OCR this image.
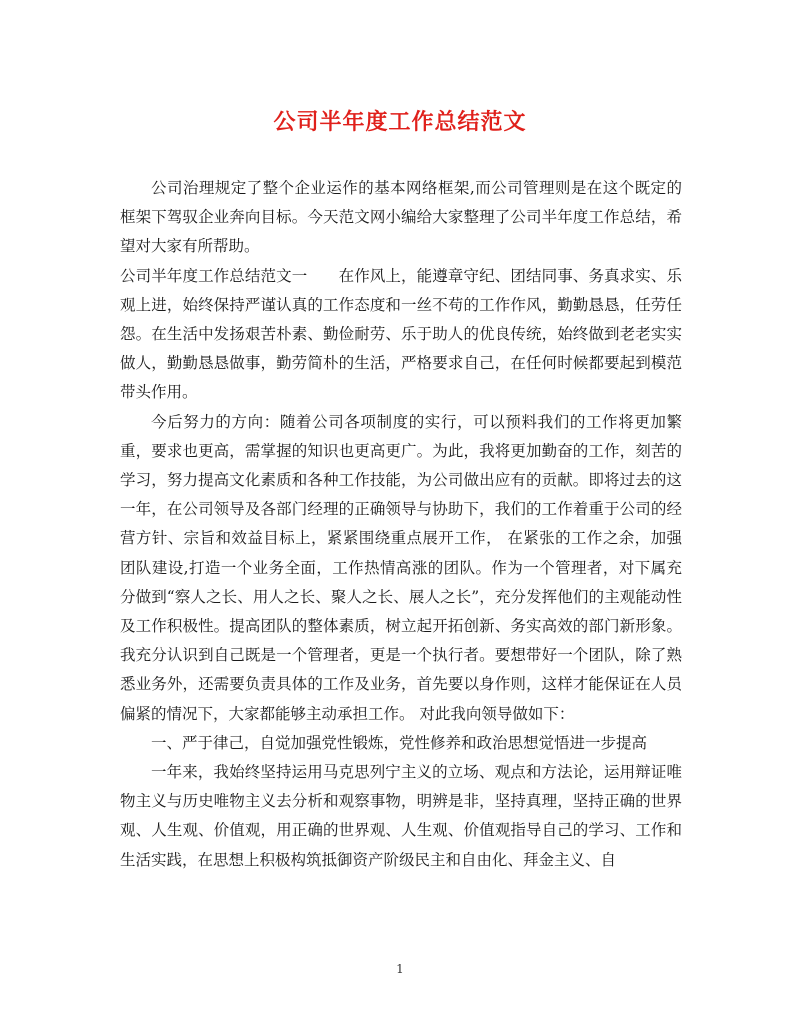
公司半年度工作总结范文

公司治理规定了整个企业运作的基本网络框架,而公司管理则是在这个既定的框架下驾驭企业奔向目标。今天范文网小编给大家整理了公司半年度工作总结，希望对大家有所帮助。

公司半年度工作总结范文一　　在作风上，能遵章守纪、团结同事、务真求实、乐观上进，始终保持严谨认真的工作态度和一丝不苟的工作作风，勤勤恳恳，任劳任怨。在生活中发扬艰苦朴素、勤俭耐劳、乐于助人的优良传统，始终做到老老实实做人，勤勤恳恳做事，勤劳简朴的生活，严格要求自己，在任何时候都要起到模范带头作用。

今后努力的方向：随着公司各项制度的实行，可以预料我们的工作将更加繁重，要求也更高，需掌握的知识也更高更广。为此，我将更加勤奋的工作，刻苦的学习，努力提高文化素质和各种工作技能，为公司做出应有的贡献。即将过去的这一年，在公司领导及各部门经理的正确领导与协助下，我们的工作着重于公司的经营方针、宗旨和效益目标上，紧紧围绕重点展开工作， 在紧张的工作之余，加强团队建设,打造一个业务全面，工作热情高涨的团队。作为一个管理者，对下属充分做到“察人之长、用人之长、聚人之长、展人之长”，充分发挥他们的主观能动性及工作积极性。提高团队的整体素质，树立起开拓创新、务实高效的部门新形象。我充分认识到自己既是一个管理者，更是一个执行者。要想带好一个团队，除了熟悉业务外，还需要负责具体的工作及业务，首先要以身作则，这样才能保证在人员偏紧的情况下，大家都能够主动承担工作。 对此我向领导做如下：

一、严于律己，自觉加强党性锻炼，党性修养和政治思想觉悟进一步提高

一年来，我始终坚持运用马克思列宁主义的立场、观点和方法论，运用辩证唯物主义与历史唯物主义去分析和观察事物，明辨是非，坚持真理，坚持正确的世界观、人生观、价值观，用正确的世界观、人生观、价值观指导自己的学习、工作和生活实践，在思想上积极构筑抵御资产阶级民主和自由化、拜金主义、自

1
